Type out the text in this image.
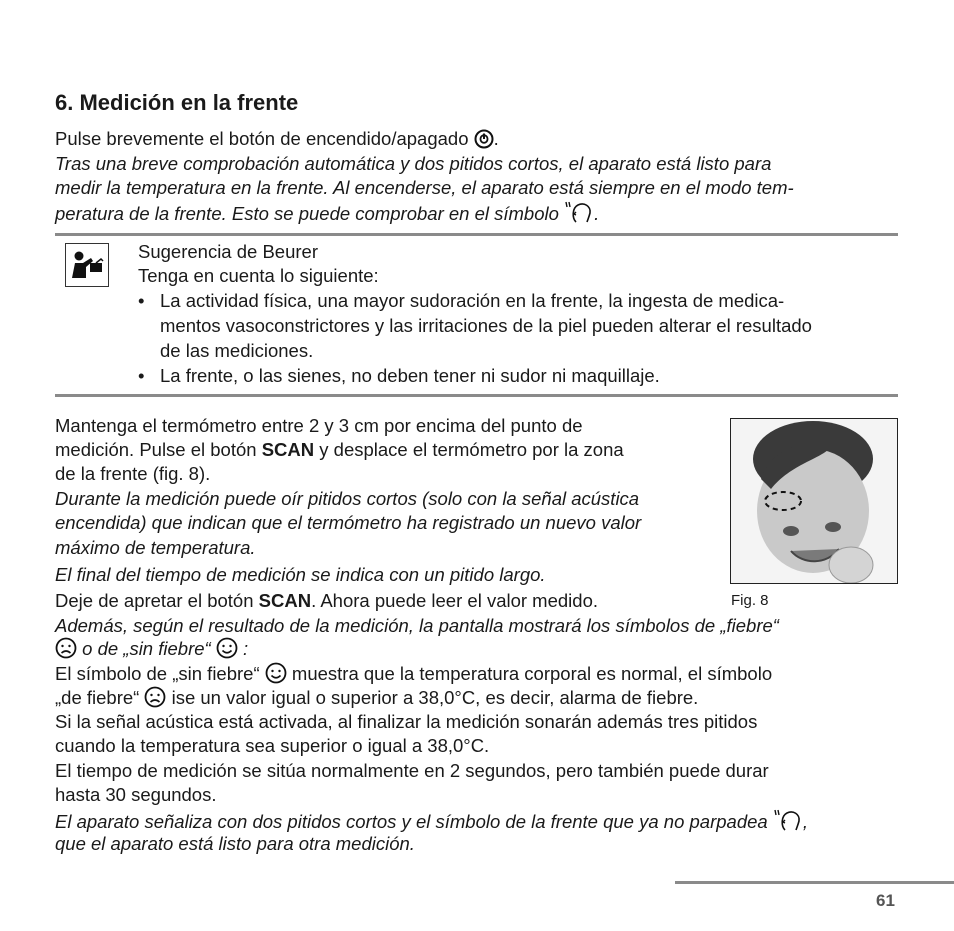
6. Medición en la frente
Pulse brevemente el botón de encendido/apagado .
Tras una breve comprobación automática y dos pitidos cortos, el aparato está listo para
medir la temperatura en la frente. Al encenderse, el aparato está siempre en el modo tem-
peratura de la frente. Esto se puede comprobar en el símbolo .
Sugerencia de Beurer
Tenga en cuenta lo siguiente:
• La actividad física, una mayor sudoración en la frente, la ingesta de medica-
mentos vasoconstrictores y las irritaciones de la piel pueden alterar el resultado
de las mediciones.
• La frente, o las sienes, no deben tener ni sudor ni maquillaje.
Mantenga el termómetro entre 2 y 3 cm por encima del punto de
medición. Pulse el botón SCAN y desplace el termómetro por la zona
de la frente (fig. 8).
Durante la medición puede oír pitidos cortos (solo con la señal acústica
encendida) que indican que el termómetro ha registrado un nuevo valor
máximo de temperatura.
El final del tiempo de medición se indica con un pitido largo.
Deje de apretar el botón SCAN. Ahora puede leer el valor medido.	Fig. 8
Además, según el resultado de la medición, la pantalla mostrará los símbolos de „fiebre“
o de „sin fiebre“  :
El símbolo de „sin fiebre“  muestra que la temperatura corporal es normal, el símbolo
„de fiebre“  ise un valor igual o superior a 38,0°C, es decir, alarma de fiebre.
Si la señal acústica está activada, al finalizar la medición sonarán además tres pitidos
cuando la temperatura sea superior o igual a 38,0°C.
El tiempo de medición se sitúa normalmente en 2 segundos, pero también puede durar
hasta 30 segundos.
El aparato señaliza con dos pitidos cortos y el símbolo de la frente que ya no parpadea ,
que el aparato está listo para otra medición.
61
